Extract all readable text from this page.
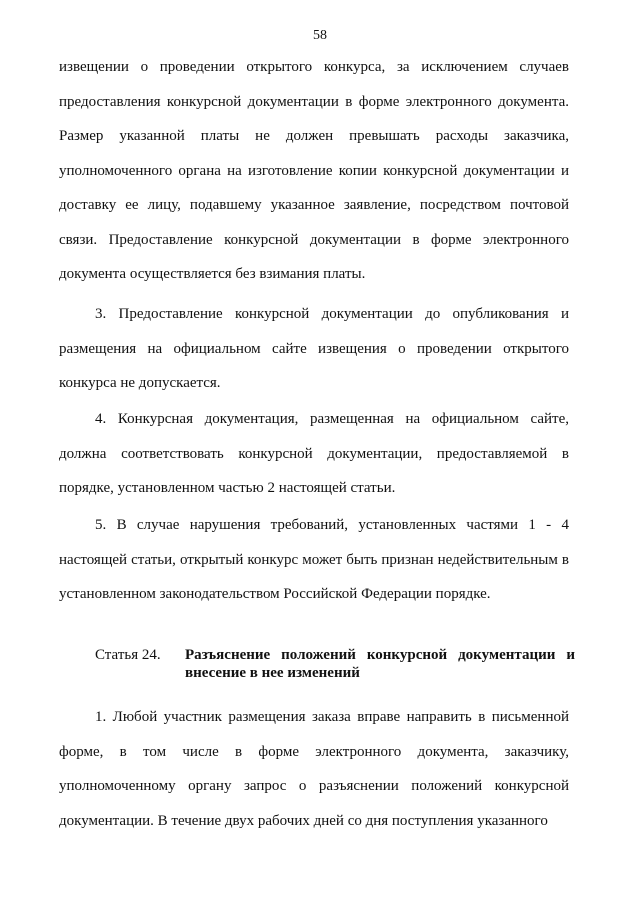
58

извещении о проведении открытого конкурса, за исключением случаев предоставления конкурсной документации в форме электронного документа. Размер указанной платы не должен превышать расходы заказчика, уполномоченного органа на изготовление копии конкурсной документации и доставку ее лицу, подавшему указанное заявление, посредством почтовой связи. Предоставление конкурсной документации в форме электронного документа осуществляется без взимания платы.

3. Предоставление конкурсной документации до опубликования и размещения на официальном сайте извещения о проведении открытого конкурса не допускается.

4. Конкурсная документация, размещенная на официальном сайте, должна соответствовать конкурсной документации, предоставляемой в порядке, установленном частью 2 настоящей статьи.

5. В случае нарушения требований, установленных частями 1 - 4 настоящей статьи, открытый конкурс может быть признан недействительным в установленном законодательством Российской Федерации порядке.

Статья 24.	Разъяснение положений конкурсной документации и внесение в нее изменений

1. Любой участник размещения заказа вправе направить в письменной форме, в том числе в форме электронного документа, заказчику, уполномоченному органу запрос о разъяснении положений конкурсной документации. В течение двух рабочих дней со дня поступления указанного
